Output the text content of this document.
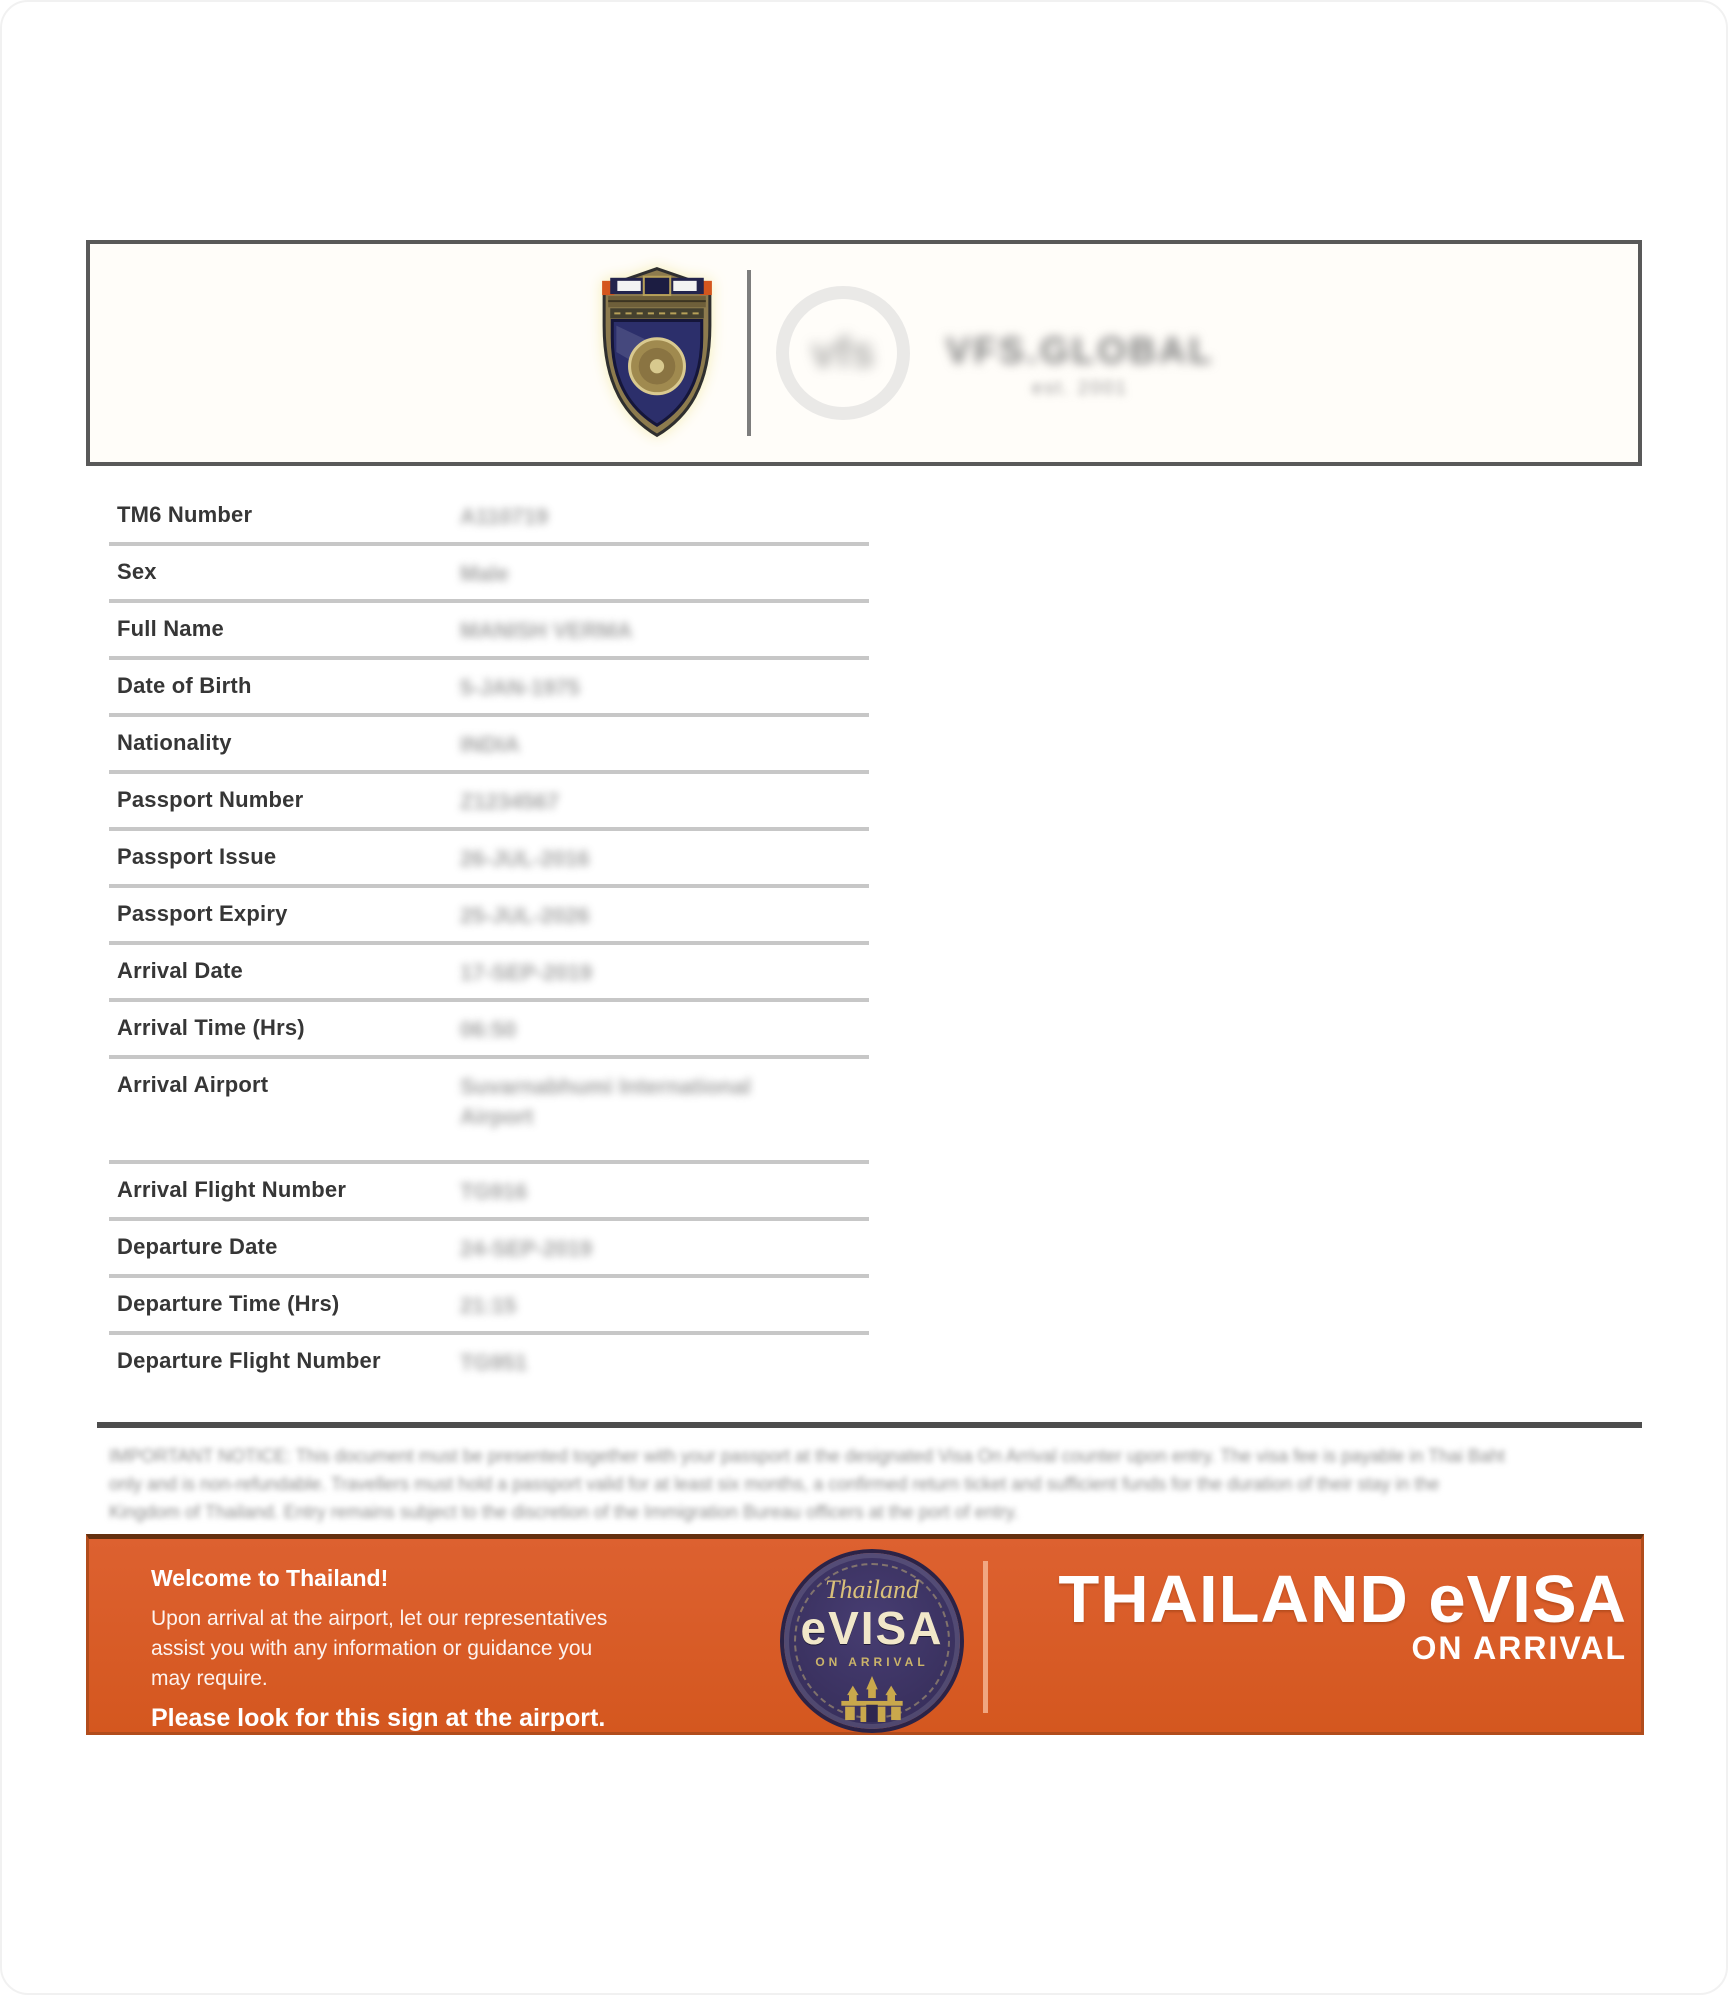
vfs	VFS.GLOBAL
est. 2001
TM6 Number	A110719
Sex	Male
Full Name	MANISH VERMA
Date of Birth	5-JAN-1975
Nationality	INDIA
Passport Number	Z1234567
Passport Issue	26-JUL-2016
Passport Expiry	25-JUL-2026
Arrival Date	17-SEP-2019
Arrival Time (Hrs)	06:50
Arrival Airport	Suvarnabhumi International Airport
Arrival Flight Number	TG916
Departure Date	24-SEP-2019
Departure Time (Hrs)	21:15
Departure Flight Number	TG951
IMPORTANT NOTICE: This document must be presented together with your passport at the designated Visa On Arrival counter upon entry. The visa fee is payable in Thai Baht
only and is non-refundable. Travellers must hold a passport valid for at least six months, a confirmed return ticket and sufficient funds for the duration of their stay in the
Kingdom of Thailand. Entry remains subject to the discretion of the Immigration Bureau officers at the port of entry.
Welcome to Thailand!
Upon arrival at the airport, let our representatives assist you with any information or guidance you may require.
Please look for this sign at the airport.
Thailand
eVISA
ON ARRIVAL
THAILAND eVISA
ON ARRIVAL
